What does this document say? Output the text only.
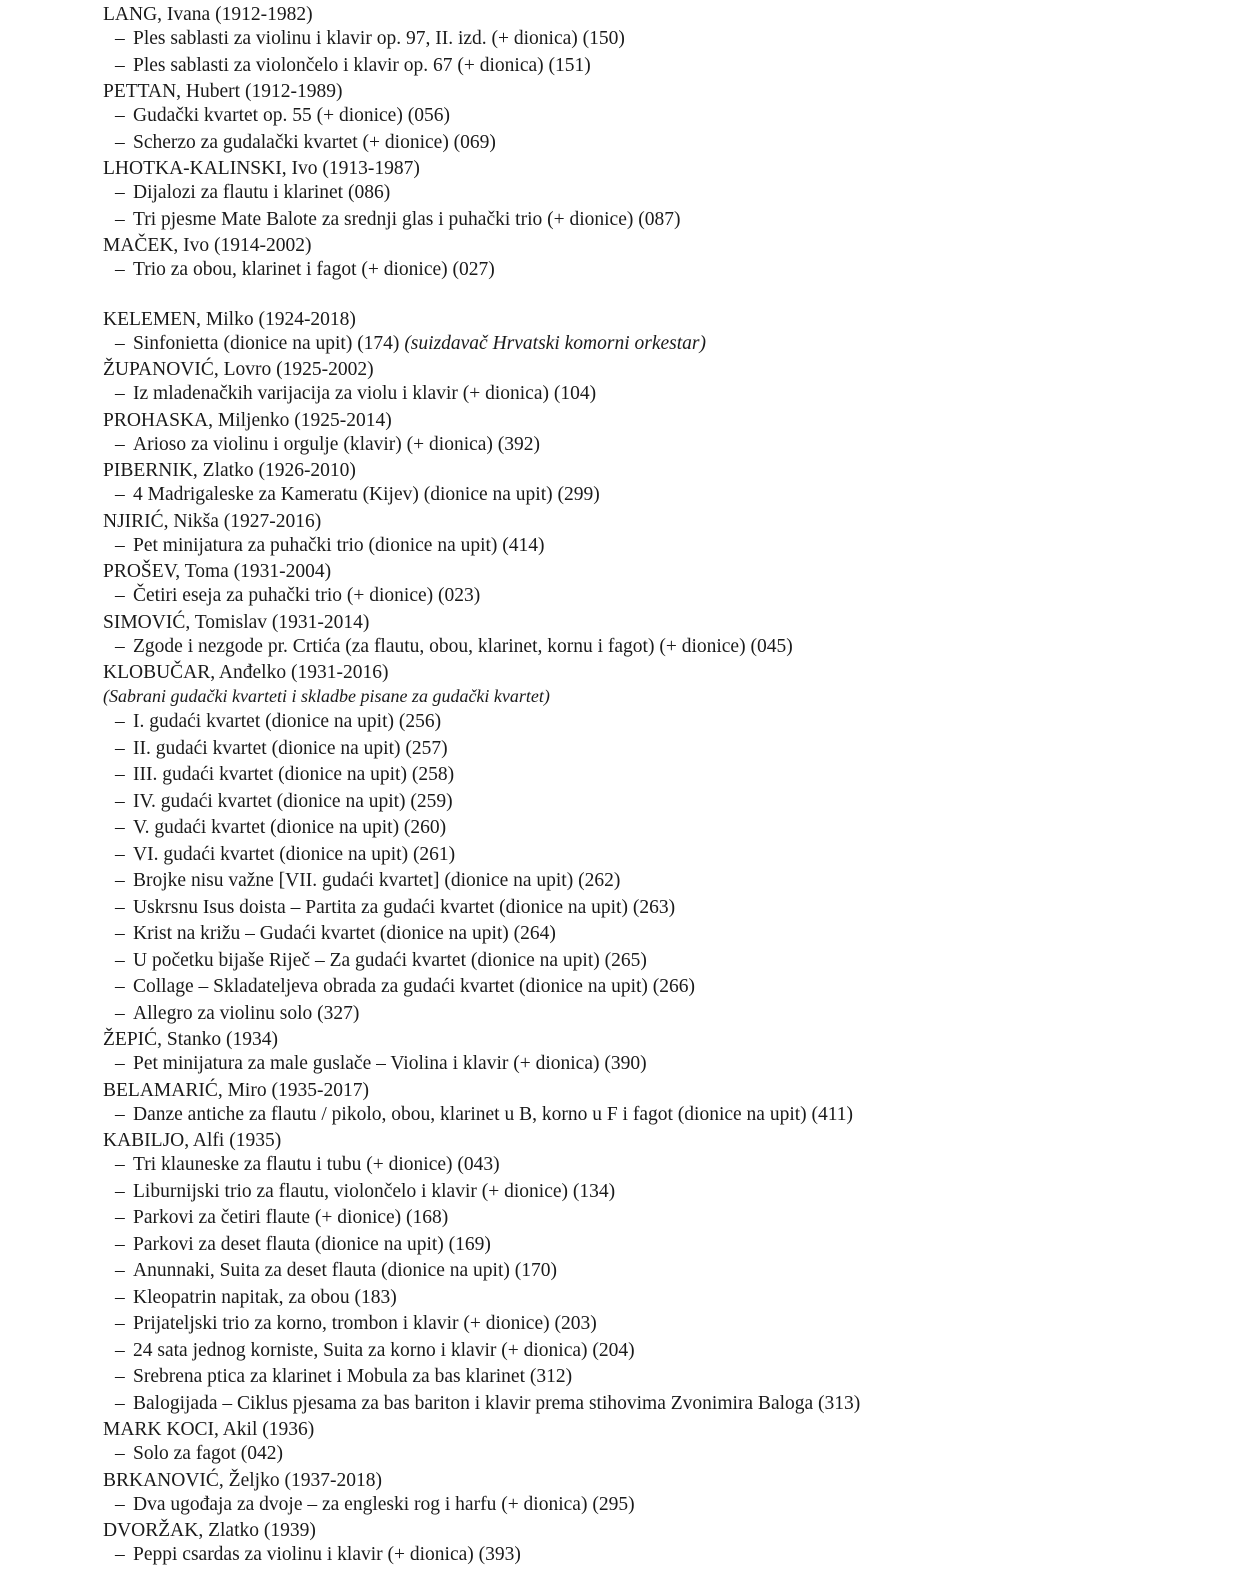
LANG, Ivana (1912-1982)
– Ples sablasti za violinu i klavir op. 97, II. izd. (+ dionica) (150)
– Ples sablasti za violončelo i klavir op. 67 (+ dionica) (151)
PETTAN, Hubert (1912-1989)
– Gudački kvartet op. 55 (+ dionice) (056)
– Scherzo za gudalački kvartet (+ dionice) (069)
LHOTKA-KALINSKI, Ivo (1913-1987)
– Dijalozi za flautu i klarinet (086)
– Tri pjesme Mate Balote za srednji glas i puhački trio (+ dionice) (087)
MAČEK, Ivo (1914-2002)
– Trio za obou, klarinet i fagot (+ dionice) (027)
KELEMEN, Milko (1924-2018)
– Sinfonietta (dionice na upit) (174) (suizdavač Hrvatski komorni orkestar)
ŽUPANOVIĆ, Lovro (1925-2002)
– Iz mladenačkih varijacija za violu i klavir (+ dionica) (104)
PROHASKA, Miljenko (1925-2014)
– Arioso za violinu i orgulje (klavir) (+ dionica) (392)
PIBERNIK, Zlatko (1926-2010)
– 4 Madrigaleske za Kameratu (Kijev) (dionice na upit) (299)
NJIRIĆ, Nikša (1927-2016)
– Pet minijatura za puhački trio (dionice na upit) (414)
PROŠEV, Toma (1931-2004)
– Četiri eseja za puhački trio (+ dionice) (023)
SIMOVIĆ, Tomislav (1931-2014)
– Zgode i nezgode pr. Crtića (za flautu, obou, klarinet, kornu i fagot) (+ dionice) (045)
KLOBUČAR, Anđelko (1931-2016)
(Sabrani gudački kvarteti i skladbe pisane za gudački kvartet)
– I. gudaći kvartet (dionice na upit) (256)
– II. gudaći kvartet (dionice na upit) (257)
– III. gudaći kvartet (dionice na upit) (258)
– IV. gudaći kvartet (dionice na upit) (259)
– V. gudaći kvartet (dionice na upit) (260)
– VI. gudaći kvartet (dionice na upit) (261)
– Brojke nisu važne [VII. gudaći kvartet] (dionice na upit) (262)
– Uskrsnu Isus doista – Partita za gudaći kvartet (dionice na upit) (263)
– Krist na križu – Gudaći kvartet (dionice na upit) (264)
– U početku bijaše Riječ – Za gudaći kvartet (dionice na upit) (265)
– Collage – Skladateljeva obrada za gudaći kvartet (dionice na upit) (266)
– Allegro za violinu solo (327)
ŽEPIĆ, Stanko (1934)
– Pet minijatura za male guslače – Violina i klavir (+ dionica) (390)
BELAMARIĆ, Miro (1935-2017)
– Danze antiche za flautu / pikolo, obou, klarinet u B, korno u F i fagot (dionice na upit) (411)
KABILJO, Alfi (1935)
– Tri klauneske za flautu i tubu (+ dionice) (043)
– Liburnijski trio za flautu, violončelo i klavir (+ dionice) (134)
– Parkovi za četiri flaute (+ dionice) (168)
– Parkovi za deset flauta (dionice na upit) (169)
– Anunnaki, Suita za deset flauta (dionice na upit) (170)
– Kleopatrin napitak, za obou (183)
– Prijateljski trio za korno, trombon i klavir (+ dionice) (203)
– 24 sata jednog korniste, Suita za korno i klavir (+ dionica) (204)
– Srebrena ptica za klarinet i Mobula za bas klarinet (312)
– Balogijada – Ciklus pjesama za bas bariton i klavir prema stihovima Zvonimira Baloga (313)
MARK KOCI, Akil (1936)
– Solo za fagot (042)
BRKANOVIĆ, Željko (1937-2018)
– Dva ugođaja za dvoje – za engleski rog i harfu (+ dionica) (295)
DVORŽAK, Zlatko (1939)
– Peppi csardas za violinu i klavir (+ dionica) (393)
